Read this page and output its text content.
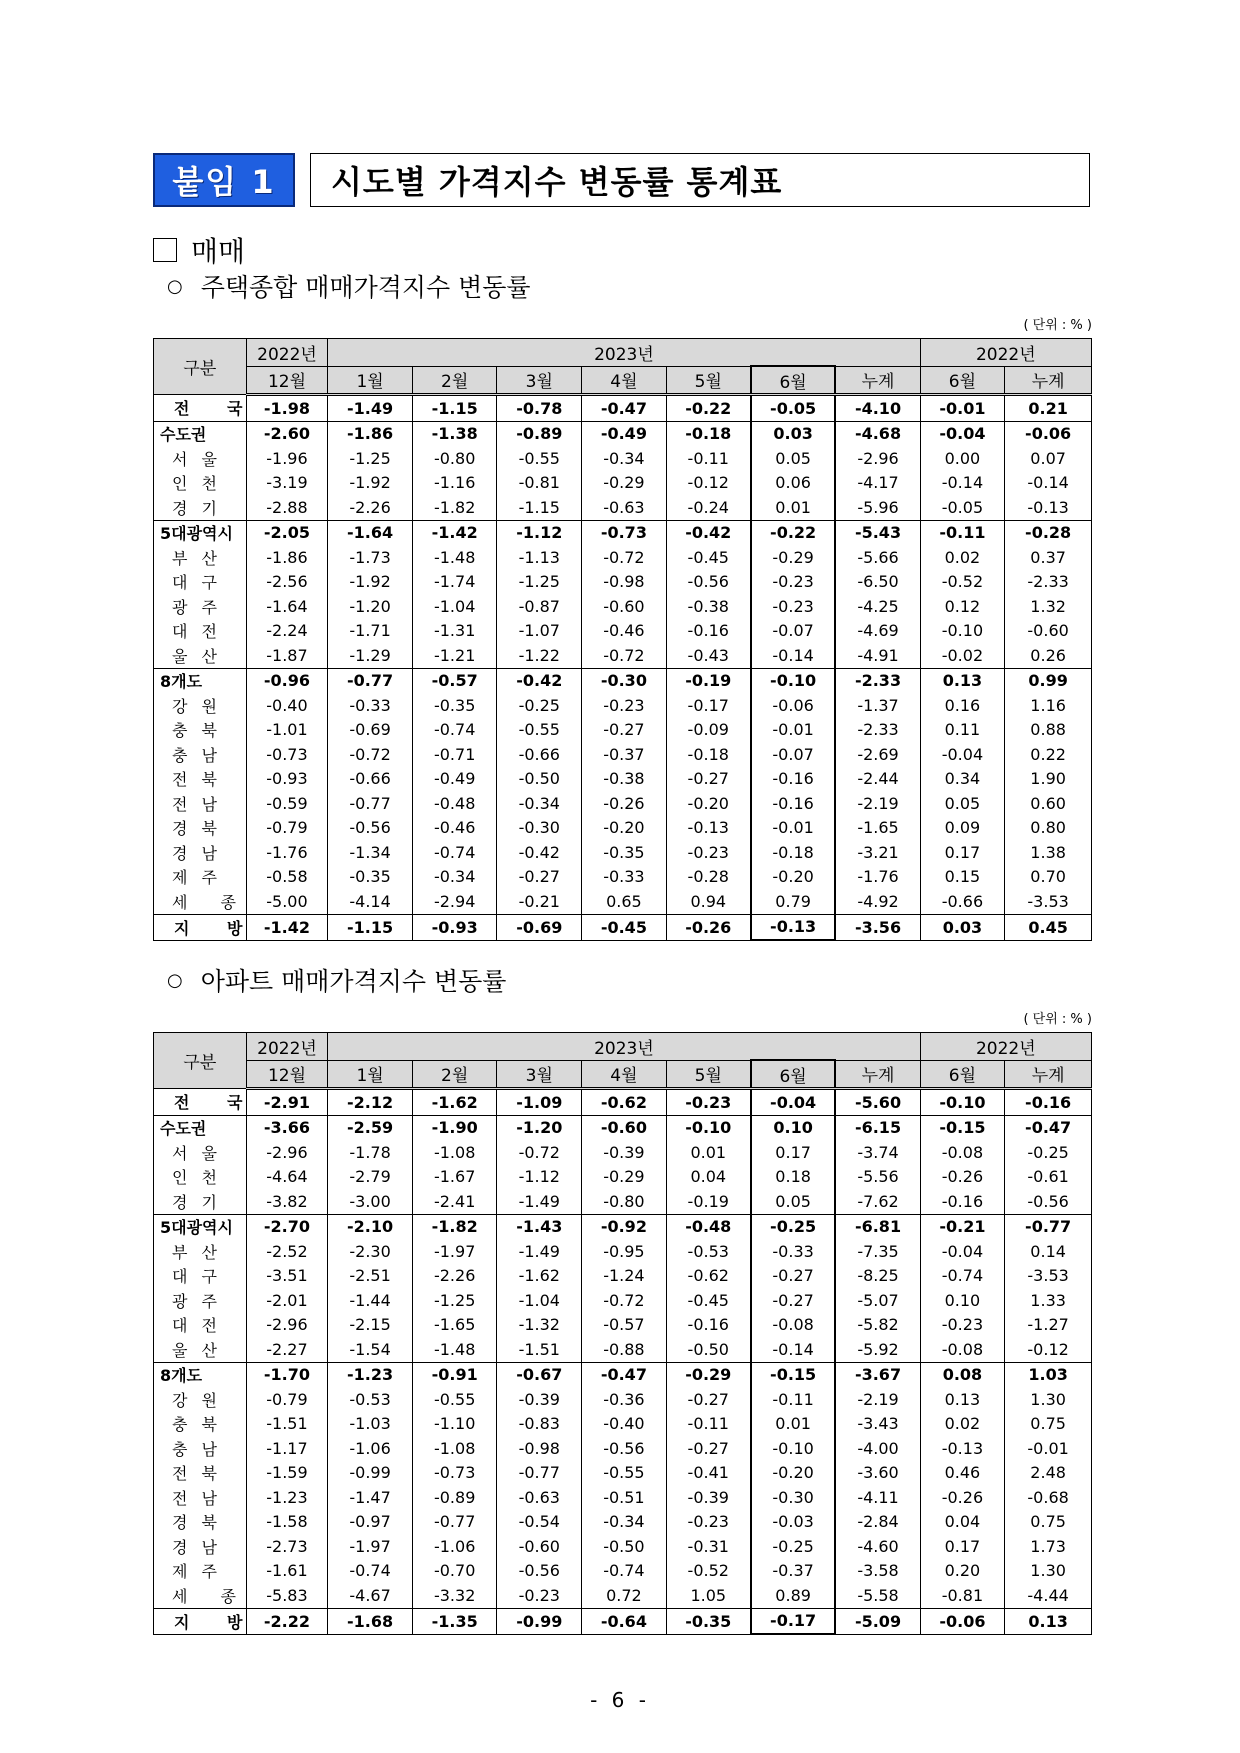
붙임 1	시도별 가격지수 변동률 통계표
매매
○ 주택종합 매매가격지수 변동률
( 단위 : % )
구분	2022년	2023년							2022년	
	12월	1월	2월	3월	4월	5월	6월	누계	6월	누계
전 국	-1.98	-1.49	-1.15	-0.78	-0.47	-0.22	-0.05	-4.10	-0.01	0.21
수도권	-2.60	-1.86	-1.38	-0.89	-0.49	-0.18	0.03	-4.68	-0.04	-0.06
서울	-1.96	-1.25	-0.80	-0.55	-0.34	-0.11	0.05	-2.96	0.00	0.07
인천	-3.19	-1.92	-1.16	-0.81	-0.29	-0.12	0.06	-4.17	-0.14	-0.14
경기	-2.88	-2.26	-1.82	-1.15	-0.63	-0.24	0.01	-5.96	-0.05	-0.13
5대광역시	-2.05	-1.64	-1.42	-1.12	-0.73	-0.42	-0.22	-5.43	-0.11	-0.28
부산	-1.86	-1.73	-1.48	-1.13	-0.72	-0.45	-0.29	-5.66	0.02	0.37
대구	-2.56	-1.92	-1.74	-1.25	-0.98	-0.56	-0.23	-6.50	-0.52	-2.33
광주	-1.64	-1.20	-1.04	-0.87	-0.60	-0.38	-0.23	-4.25	0.12	1.32
대전	-2.24	-1.71	-1.31	-1.07	-0.46	-0.16	-0.07	-4.69	-0.10	-0.60
울산	-1.87	-1.29	-1.21	-1.22	-0.72	-0.43	-0.14	-4.91	-0.02	0.26
8개도	-0.96	-0.77	-0.57	-0.42	-0.30	-0.19	-0.10	-2.33	0.13	0.99
강원	-0.40	-0.33	-0.35	-0.25	-0.23	-0.17	-0.06	-1.37	0.16	1.16
충북	-1.01	-0.69	-0.74	-0.55	-0.27	-0.09	-0.01	-2.33	0.11	0.88
충남	-0.73	-0.72	-0.71	-0.66	-0.37	-0.18	-0.07	-2.69	-0.04	0.22
전북	-0.93	-0.66	-0.49	-0.50	-0.38	-0.27	-0.16	-2.44	0.34	1.90
전남	-0.59	-0.77	-0.48	-0.34	-0.26	-0.20	-0.16	-2.19	0.05	0.60
경북	-0.79	-0.56	-0.46	-0.30	-0.20	-0.13	-0.01	-1.65	0.09	0.80
경남	-1.76	-1.34	-0.74	-0.42	-0.35	-0.23	-0.18	-3.21	0.17	1.38
제주	-0.58	-0.35	-0.34	-0.27	-0.33	-0.28	-0.20	-1.76	0.15	0.70
세 종	-5.00	-4.14	-2.94	-0.21	0.65	0.94	0.79	-4.92	-0.66	-3.53
지 방	-1.42	-1.15	-0.93	-0.69	-0.45	-0.26	-0.13	-3.56	0.03	0.45
○ 아파트 매매가격지수 변동률
( 단위 : % )
구분	2022년	2023년							2022년	
	12월	1월	2월	3월	4월	5월	6월	누계	6월	누계
전 국	-2.91	-2.12	-1.62	-1.09	-0.62	-0.23	-0.04	-5.60	-0.10	-0.16
수도권	-3.66	-2.59	-1.90	-1.20	-0.60	-0.10	0.10	-6.15	-0.15	-0.47
서울	-2.96	-1.78	-1.08	-0.72	-0.39	0.01	0.17	-3.74	-0.08	-0.25
인천	-4.64	-2.79	-1.67	-1.12	-0.29	0.04	0.18	-5.56	-0.26	-0.61
경기	-3.82	-3.00	-2.41	-1.49	-0.80	-0.19	0.05	-7.62	-0.16	-0.56
5대광역시	-2.70	-2.10	-1.82	-1.43	-0.92	-0.48	-0.25	-6.81	-0.21	-0.77
부산	-2.52	-2.30	-1.97	-1.49	-0.95	-0.53	-0.33	-7.35	-0.04	0.14
대구	-3.51	-2.51	-2.26	-1.62	-1.24	-0.62	-0.27	-8.25	-0.74	-3.53
광주	-2.01	-1.44	-1.25	-1.04	-0.72	-0.45	-0.27	-5.07	0.10	1.33
대전	-2.96	-2.15	-1.65	-1.32	-0.57	-0.16	-0.08	-5.82	-0.23	-1.27
울산	-2.27	-1.54	-1.48	-1.51	-0.88	-0.50	-0.14	-5.92	-0.08	-0.12
8개도	-1.70	-1.23	-0.91	-0.67	-0.47	-0.29	-0.15	-3.67	0.08	1.03
강원	-0.79	-0.53	-0.55	-0.39	-0.36	-0.27	-0.11	-2.19	0.13	1.30
충북	-1.51	-1.03	-1.10	-0.83	-0.40	-0.11	0.01	-3.43	0.02	0.75
충남	-1.17	-1.06	-1.08	-0.98	-0.56	-0.27	-0.10	-4.00	-0.13	-0.01
전북	-1.59	-0.99	-0.73	-0.77	-0.55	-0.41	-0.20	-3.60	0.46	2.48
전남	-1.23	-1.47	-0.89	-0.63	-0.51	-0.39	-0.30	-4.11	-0.26	-0.68
경북	-1.58	-0.97	-0.77	-0.54	-0.34	-0.23	-0.03	-2.84	0.04	0.75
경남	-2.73	-1.97	-1.06	-0.60	-0.50	-0.31	-0.25	-4.60	0.17	1.73
제주	-1.61	-0.74	-0.70	-0.56	-0.74	-0.52	-0.37	-3.58	0.20	1.30
세 종	-5.83	-4.67	-3.32	-0.23	0.72	1.05	0.89	-5.58	-0.81	-4.44
지 방	-2.22	-1.68	-1.35	-0.99	-0.64	-0.35	-0.17	-5.09	-0.06	0.13
- 6 -
